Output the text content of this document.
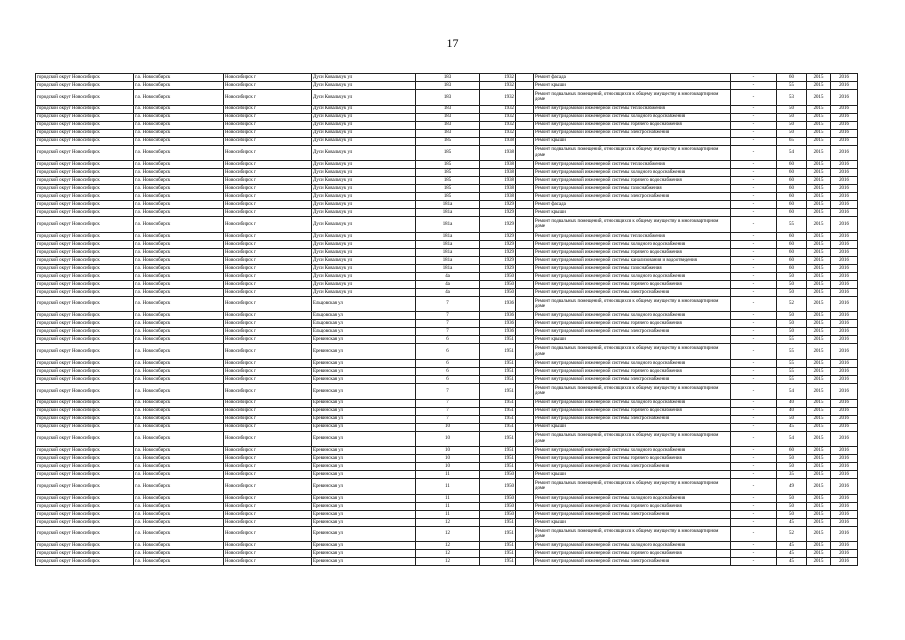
17
городской округ Новосибирск	г.о. Новосибирск	Новосибирск г	Дуси Ковальчук ул	183	1932		Ремонт фасада	-	60	2015	2016
городской округ Новосибирск	г.о. Новосибирск	Новосибирск г	Дуси Ковальчук ул	183	1932		Ремонт крыши	-	55	2015	2016
городской округ Новосибирск	г.о. Новосибирск	Новосибирск г	Дуси Ковальчук ул	183	1932		Ремонт подвальных помещений, относящихся к общему имуществу в многоквартирном доме	-	53	2015	2016
городской округ Новосибирск	г.о. Новосибирск	Новосибирск г	Дуси Ковальчук ул	183	1932		Ремонт внутридомовой инженерной системы теплоснабжения	-	50	2015	2016
городской округ Новосибирск	г.о. Новосибирск	Новосибирск г	Дуси Ковальчук ул	183	1932		Ремонт внутридомовой инженерной системы холодного водоснабжения	-	50	2015	2016
городской округ Новосибирск	г.о. Новосибирск	Новосибирск г	Дуси Ковальчук ул	183	1932		Ремонт внутридомовой инженерной системы горячего водоснабжения	-	50	2015	2016
городской округ Новосибирск	г.о. Новосибирск	Новосибирск г	Дуси Ковальчук ул	183	1932		Ремонт внутридомовой инженерной системы электроснабжения	-	50	2015	2016
городской округ Новосибирск	г.о. Новосибирск	Новосибирск г	Дуси Ковальчук ул	185	1938		Ремонт крыши	-	65	2015	2016
городской округ Новосибирск	г.о. Новосибирск	Новосибирск г	Дуси Ковальчук ул	185	1938		Ремонт подвальных помещений, относящихся к общему имуществу в многоквартирном доме	-	54	2015	2016
городской округ Новосибирск	г.о. Новосибирск	Новосибирск г	Дуси Ковальчук ул	185	1938		Ремонт внутридомовой инженерной системы теплоснабжения	-	60	2015	2016
городской округ Новосибирск	г.о. Новосибирск	Новосибирск г	Дуси Ковальчук ул	185	1938		Ремонт внутридомовой инженерной системы холодного водоснабжения	-	60	2015	2016
городской округ Новосибирск	г.о. Новосибирск	Новосибирск г	Дуси Ковальчук ул	185	1938		Ремонт внутридомовой инженерной системы горячего водоснабжения	-	60	2015	2016
городской округ Новосибирск	г.о. Новосибирск	Новосибирск г	Дуси Ковальчук ул	185	1938		Ремонт внутридомовой инженерной системы газоснабжения	-	60	2015	2016
городской округ Новосибирск	г.о. Новосибирск	Новосибирск г	Дуси Ковальчук ул	185	1938		Ремонт внутридомовой инженерной системы электроснабжения	-	60	2015	2016
городской округ Новосибирск	г.о. Новосибирск	Новосибирск г	Дуси Ковальчук ул	181а	1929		Ремонт фасада	-	60	2015	2016
городской округ Новосибирск	г.о. Новосибирск	Новосибирск г	Дуси Ковальчук ул	181а	1929		Ремонт крыши	-	60	2015	2016
городской округ Новосибирск	г.о. Новосибирск	Новосибирск г	Дуси Ковальчук ул	181а	1929		Ремонт подвальных помещений, относящихся к общему имуществу в многоквартирном доме	-	55	2015	2016
городской округ Новосибирск	г.о. Новосибирск	Новосибирск г	Дуси Ковальчук ул	181а	1929		Ремонт внутридомовой инженерной системы теплоснабжения	-	60	2015	2016
городской округ Новосибирск	г.о. Новосибирск	Новосибирск г	Дуси Ковальчук ул	181а	1929		Ремонт внутридомовой инженерной системы холодного водоснабжения	-	60	2015	2016
городской округ Новосибирск	г.о. Новосибирск	Новосибирск г	Дуси Ковальчук ул	181а	1929		Ремонт внутридомовой инженерной системы горячего водоснабжения	-	60	2015	2016
городской округ Новосибирск	г.о. Новосибирск	Новосибирск г	Дуси Ковальчук ул	181а	1929		Ремонт внутридомовой инженерной системы канализования и водоотведения	-	60	2015	2016
городской округ Новосибирск	г.о. Новосибирск	Новосибирск г	Дуси Ковальчук ул	181а	1929		Ремонт внутридомовой инженерной системы газоснабжения	-	60	2015	2016
городской округ Новосибирск	г.о. Новосибирск	Новосибирск г	Дуси Ковальчук ул	4а	1950		Ремонт внутридомовой инженерной системы холодного водоснабжения	-	50	2015	2016
городской округ Новосибирск	г.о. Новосибирск	Новосибирск г	Дуси Ковальчук ул	4а	1950		Ремонт внутридомовой инженерной системы горячего водоснабжения	-	50	2015	2016
городской округ Новосибирск	г.о. Новосибирск	Новосибирск г	Дуси Ковальчук ул	4а	1950		Ремонт внутридомовой инженерной системы электроснабжения	-	50	2015	2016
городской округ Новосибирск	г.о. Новосибирск	Новосибирск г	Ельцовская ул	7	1936		Ремонт подвальных помещений, относящихся к общему имуществу в многоквартирном доме	-	52	2015	2016
городской округ Новосибирск	г.о. Новосибирск	Новосибирск г	Ельцовская ул	7	1936		Ремонт внутридомовой инженерной системы холодного водоснабжения	-	50	2015	2016
городской округ Новосибирск	г.о. Новосибирск	Новосибирск г	Ельцовская ул	7	1936		Ремонт внутридомовой инженерной системы горячего водоснабжения	-	50	2015	2016
городской округ Новосибирск	г.о. Новосибирск	Новосибирск г	Ельцовская ул	7	1936		Ремонт внутридомовой инженерной системы электроснабжения	-	50	2015	2016
городской округ Новосибирск	г.о. Новосибирск	Новосибирск г	Еревинская ул	6	1951		Ремонт крыши	-	55	2015	2016
городской округ Новосибирск	г.о. Новосибирск	Новосибирск г	Еревинская ул	6	1951		Ремонт подвальных помещений, относящихся к общему имуществу в многоквартирном доме	-	55	2015	2016
городской округ Новосибирск	г.о. Новосибирск	Новосибирск г	Еревинская ул	6	1951		Ремонт внутридомовой инженерной системы холодного водоснабжения	-	55	2015	2016
городской округ Новосибирск	г.о. Новосибирск	Новосибирск г	Еревинская ул	6	1951		Ремонт внутридомовой инженерной системы горячего водоснабжения	-	55	2015	2016
городской округ Новосибирск	г.о. Новосибирск	Новосибирск г	Еревинская ул	6	1951		Ремонт внутридомовой инженерной системы электроснабжения	-	55	2015	2016
городской округ Новосибирск	г.о. Новосибирск	Новосибирск г	Еревинская ул	7	1951		Ремонт подвальных помещений, относящихся к общему имуществу в многоквартирном доме	-	54	2015	2016
городской округ Новосибирск	г.о. Новосибирск	Новосибирск г	Еревинская ул	7	1951		Ремонт внутридомовой инженерной системы холодного водоснабжения	-	40	2015	2016
городской округ Новосибирск	г.о. Новосибирск	Новосибирск г	Еревинская ул	7	1951		Ремонт внутридомовой инженерной системы горячего водоснабжения	-	40	2015	2016
городской округ Новосибирск	г.о. Новосибирск	Новосибирск г	Еревинская ул	7	1951		Ремонт внутридомовой инженерной системы электроснабжения	-	50	2015	2016
городской округ Новосибирск	г.о. Новосибирск	Новосибирск г	Еревинская ул	10	1951		Ремонт крыши	-	45	2015	2016
городской округ Новосибирск	г.о. Новосибирск	Новосибирск г	Еревинская ул	10	1951		Ремонт подвальных помещений, относящихся к общему имуществу в многоквартирном доме	-	54	2015	2016
городской округ Новосибирск	г.о. Новосибирск	Новосибирск г	Еревинская ул	10	1951		Ремонт внутридомовой инженерной системы холодного водоснабжения	-	60	2015	2016
городской округ Новосибирск	г.о. Новосибирск	Новосибирск г	Еревинская ул	10	1951		Ремонт внутридомовой инженерной системы горячего водоснабжения	-	50	2015	2016
городской округ Новосибирск	г.о. Новосибирск	Новосибирск г	Еревинская ул	10	1951		Ремонт внутридомовой инженерной системы электроснабжения	-	50	2015	2016
городской округ Новосибирск	г.о. Новосибирск	Новосибирск г	Еревинская ул	11	1950		Ремонт крыши	-	35	2015	2016
городской округ Новосибирск	г.о. Новосибирск	Новосибирск г	Еревинская ул	11	1950		Ремонт подвальных помещений, относящихся к общему имуществу в многоквартирном доме	-	49	2015	2016
городской округ Новосибирск	г.о. Новосибирск	Новосибирск г	Еревинская ул	11	1950		Ремонт внутридомовой инженерной системы холодного водоснабжения	-	50	2015	2016
городской округ Новосибирск	г.о. Новосибирск	Новосибирск г	Еревинская ул	11	1950		Ремонт внутридомовой инженерной системы горячего водоснабжения	-	50	2015	2016
городской округ Новосибирск	г.о. Новосибирск	Новосибирск г	Еревинская ул	11	1950		Ремонт внутридомовой инженерной системы электроснабжения	-	50	2015	2016
городской округ Новосибирск	г.о. Новосибирск	Новосибирск г	Еревинская ул	12	1951		Ремонт крыши	-	45	2015	2016
городской округ Новосибирск	г.о. Новосибирск	Новосибирск г	Еревинская ул	12	1951		Ремонт подвальных помещений, относящихся к общему имуществу в многоквартирном доме	-	52	2015	2016
городской округ Новосибирск	г.о. Новосибирск	Новосибирск г	Еревинская ул	12	1951		Ремонт внутридомовой инженерной системы холодного водоснабжения	-	45	2015	2016
городской округ Новосибирск	г.о. Новосибирск	Новосибирск г	Еревинская ул	12	1951		Ремонт внутридомовой инженерной системы горячего водоснабжения	-	45	2015	2016
городской округ Новосибирск	г.о. Новосибирск	Новосибирск г	Еревинская ул	12	1951		Ремонт внутридомовой инженерной системы электроснабжения	-	45	2015	2016
